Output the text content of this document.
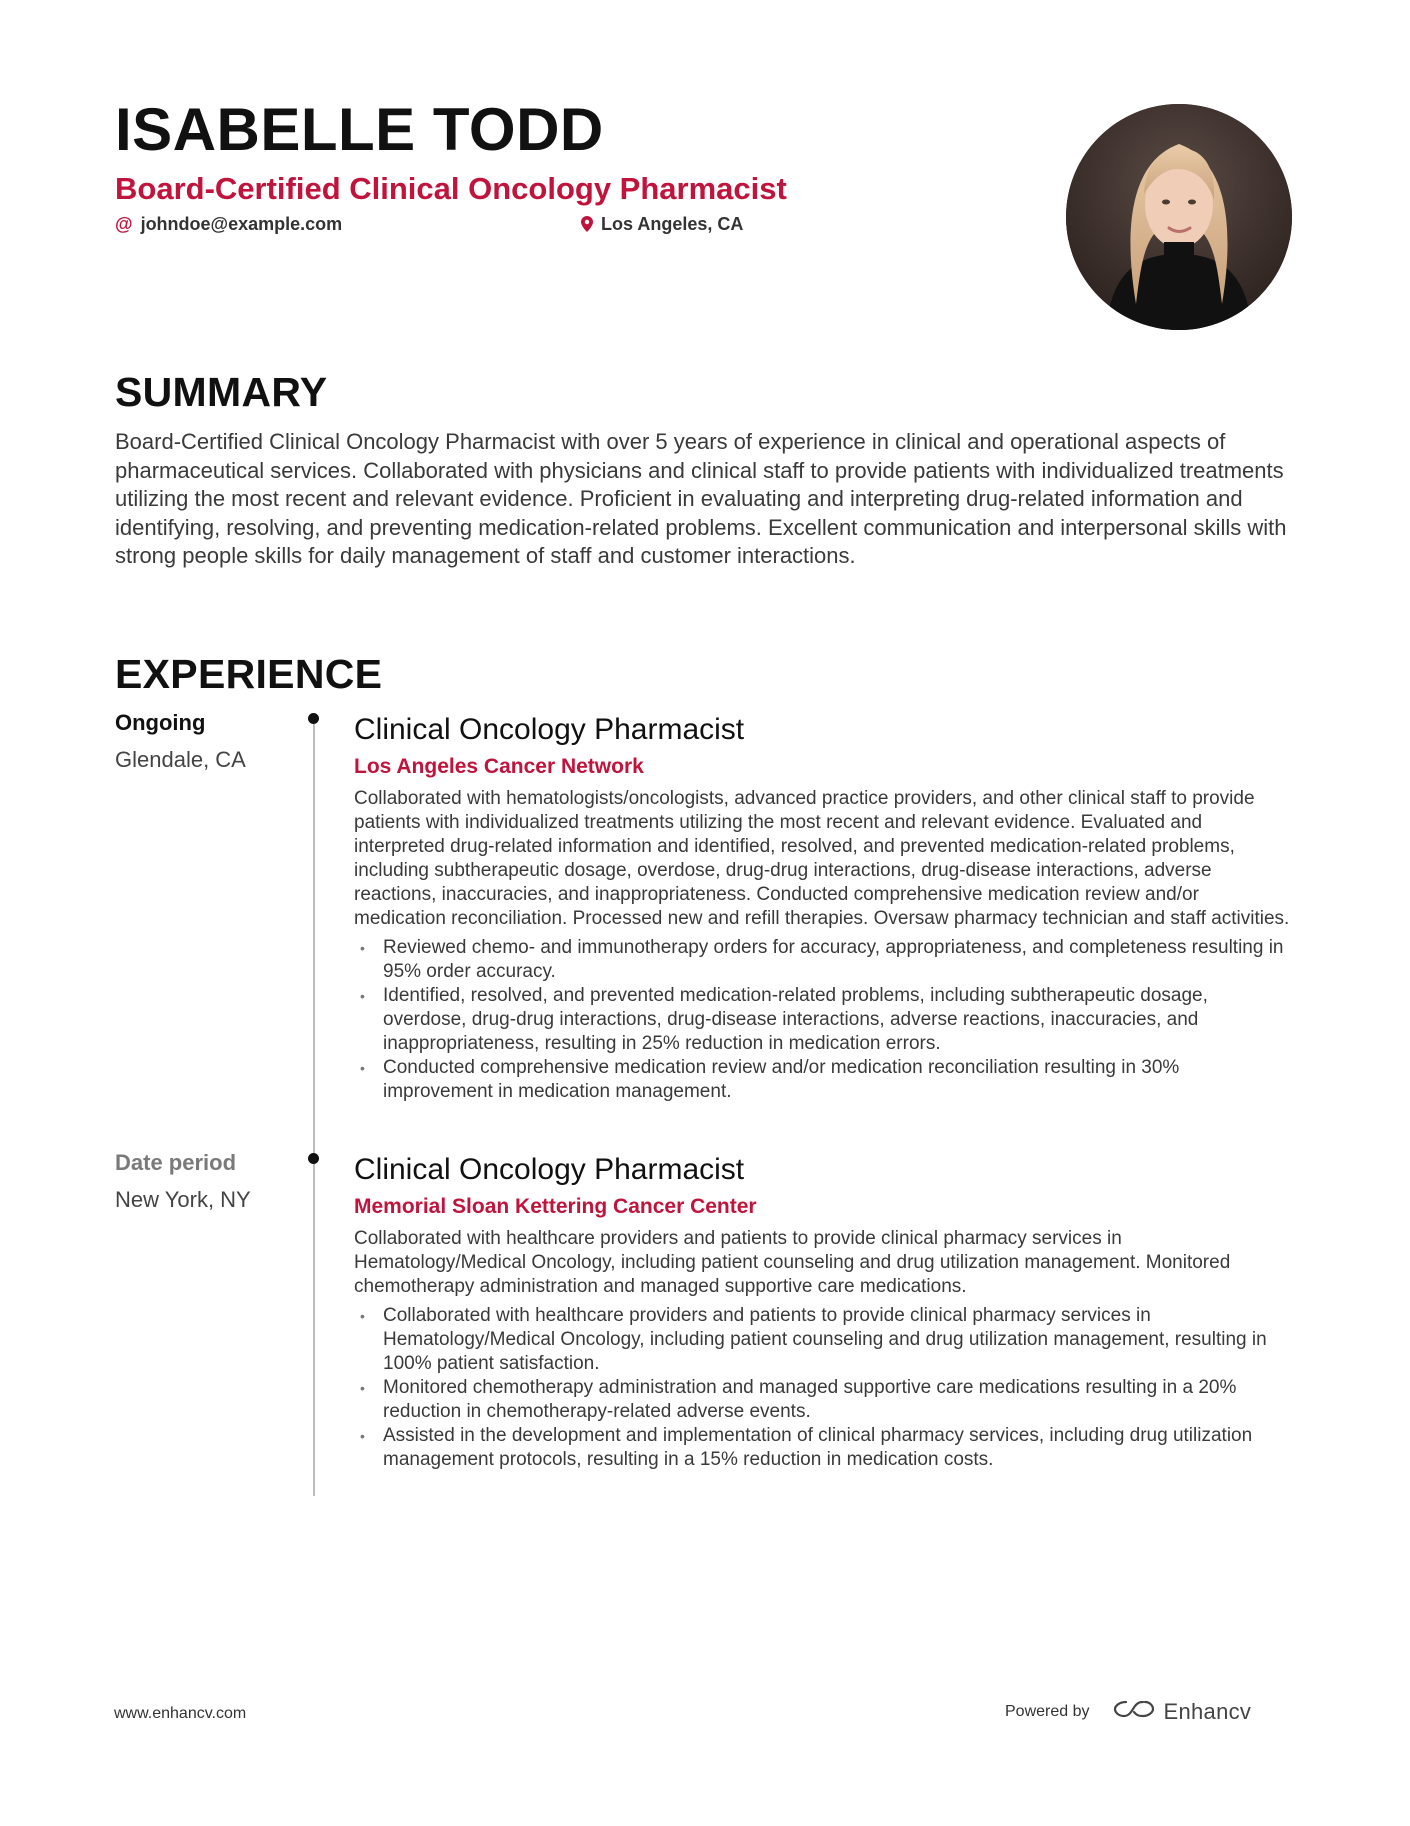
ISABELLE TODD
Board-Certified Clinical Oncology Pharmacist
@ johndoe@example.com	Los Angeles, CA
SUMMARY

Board-Certified Clinical Oncology Pharmacist with over 5 years of experience in clinical and operational aspects of pharmaceutical services. Collaborated with physicians and clinical staff to provide patients with individualized treatments utilizing the most recent and relevant evidence. Proficient in evaluating and interpreting drug-related information and identifying, resolving, and preventing medication-related problems. Excellent communication and interpersonal skills with strong people skills for daily management of staff and customer interactions.

EXPERIENCE
Ongoing
Glendale, CA
Clinical Oncology Pharmacist
Los Angeles Cancer Network

Collaborated with hematologists/oncologists, advanced practice providers, and other clinical staff to provide patients with individualized treatments utilizing the most recent and relevant evidence. Evaluated and interpreted drug-related information and identified, resolved, and prevented medication-related problems, including subtherapeutic dosage, overdose, drug-drug interactions, drug-disease interactions, adverse reactions, inaccuracies, and inappropriateness. Conducted comprehensive medication review and/or medication reconciliation. Processed new and refill therapies. Oversaw pharmacy technician and staff activities.

• Reviewed chemo- and immunotherapy orders for accuracy, appropriateness, and completeness resulting in 95% order accuracy.
• Identified, resolved, and prevented medication-related problems, including subtherapeutic dosage, overdose, drug-drug interactions, drug-disease interactions, adverse reactions, inaccuracies, and inappropriateness, resulting in 25% reduction in medication errors.
• Conducted comprehensive medication review and/or medication reconciliation resulting in 30% improvement in medication management.
Date period
New York, NY
Clinical Oncology Pharmacist
Memorial Sloan Kettering Cancer Center

Collaborated with healthcare providers and patients to provide clinical pharmacy services in Hematology/Medical Oncology, including patient counseling and drug utilization management. Monitored chemotherapy administration and managed supportive care medications.

• Collaborated with healthcare providers and patients to provide clinical pharmacy services in Hematology/Medical Oncology, including patient counseling and drug utilization management, resulting in 100% patient satisfaction.
• Monitored chemotherapy administration and managed supportive care medications resulting in a 20% reduction in chemotherapy-related adverse events.
• Assisted in the development and implementation of clinical pharmacy services, including drug utilization management protocols, resulting in a 15% reduction in medication costs.
www.enhancv.com	Powered by	Enhancv
